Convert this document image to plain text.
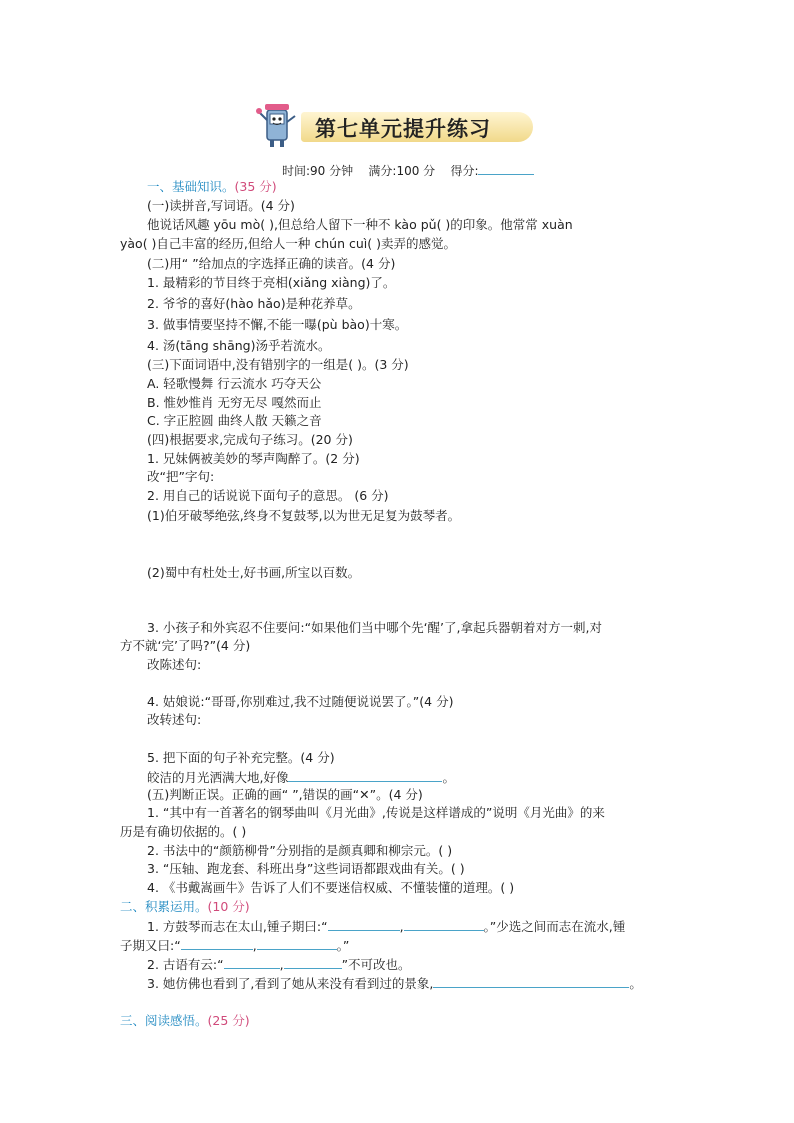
第七单元提升练习
时间:90 分钟 满分:100 分 得分:
一、基础知识。(35 分)
(一)读拼音,写词语。(4 分)
他说话风趣 yōu mò( ),但总给人留下一种不 kào pǔ( )的印象。他常常 xuàn
yào( )自己丰富的经历,但给人一种 chún cuì( )卖弄的感觉。
(二)用“ ”给加点的字选择正确的读音。(4 分)
1. 最精彩的节目终于亮相(xiǎng xiàng)了。
2. 爷爷的喜好(hào hǎo)是种花养草。
3. 做事情要坚持不懈,不能一曝(pù bào)十寒。
4. 汤(tāng shāng)汤乎若流水。
(三)下面词语中,没有错别字的一组是( )。(3 分)
A. 轻歌慢舞 行云流水 巧夺天公
B. 惟妙惟肖 无穷无尽 嘎然而止
C. 字正腔圆 曲终人散 天籁之音
(四)根据要求,完成句子练习。(20 分)
1. 兄妹俩被美妙的琴声陶醉了。(2 分)
改“把”字句:
2. 用自己的话说说下面句子的意思。 (6 分)
(1)伯牙破琴绝弦,终身不复鼓琴,以为世无足复为鼓琴者。
(2)蜀中有杜处士,好书画,所宝以百数。
3. 小孩子和外宾忍不住要问:“如果他们当中哪个先‘醒’了,拿起兵器朝着对方一刺,对
方不就‘完’了吗?”(4 分)
改陈述句:
4. 姑娘说:“哥哥,你别难过,我不过随便说说罢了。”(4 分)
改转述句:
5. 把下面的句子补充完整。(4 分)
皎洁的月光洒满大地,好像	。
(五)判断正误。正确的画“ ”,错误的画“✕”。(4 分)
1. “其中有一首著名的钢琴曲叫《月光曲》,传说是这样谱成的”说明《月光曲》的来
历是有确切依据的。( )
2. 书法中的“颜筋柳骨”分别指的是颜真卿和柳宗元。( )
3. “压轴、跑龙套、科班出身”这些词语都跟戏曲有关。( )
4. 《书戴嵩画牛》告诉了人们不要迷信权威、不懂装懂的道理。( )
二、积累运用。(10 分)
1. 方鼓琴而志在太山,锺子期曰:“	,	。”少选之间而志在流水,锺
子期又曰:“	,	。”
2. 古语有云:“	,	”不可改也。
3. 她仿佛也看到了,看到了她从来没有看到过的景象,	。
三、阅读感悟。(25 分)
